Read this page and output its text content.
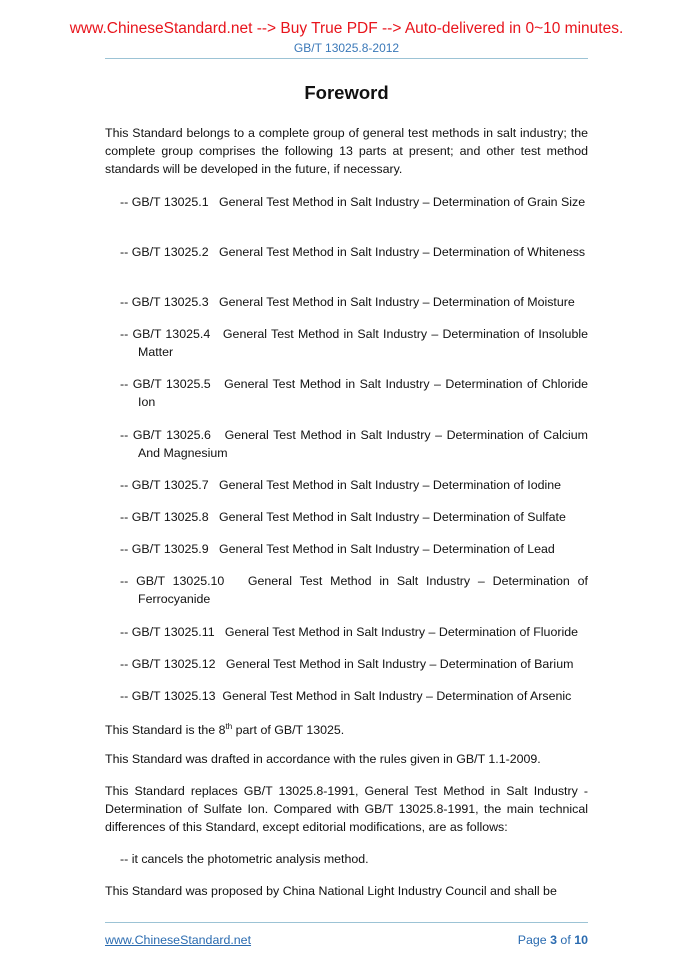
www.ChineseStandard.net --> Buy True PDF --> Auto-delivered in 0~10 minutes.
GB/T 13025.8-2012
Foreword
This Standard belongs to a complete group of general test methods in salt industry; the complete group comprises the following 13 parts at present; and other test method standards will be developed in the future, if necessary.
-- GB/T 13025.1   General Test Method in Salt Industry – Determination of Grain Size
-- GB/T 13025.2   General Test Method in Salt Industry – Determination of Whiteness
-- GB/T 13025.3   General Test Method in Salt Industry – Determination of Moisture
-- GB/T 13025.4   General Test Method in Salt Industry – Determination of Insoluble Matter
-- GB/T 13025.5   General Test Method in Salt Industry – Determination of Chloride Ion
-- GB/T 13025.6   General Test Method in Salt Industry – Determination of Calcium And Magnesium
-- GB/T 13025.7   General Test Method in Salt Industry – Determination of Iodine
-- GB/T 13025.8   General Test Method in Salt Industry – Determination of Sulfate
-- GB/T 13025.9   General Test Method in Salt Industry – Determination of Lead
-- GB/T 13025.10   General Test Method in Salt Industry – Determination of Ferrocyanide
-- GB/T 13025.11   General Test Method in Salt Industry – Determination of Fluoride
-- GB/T 13025.12   General Test Method in Salt Industry – Determination of Barium
-- GB/T 13025.13  General Test Method in Salt Industry – Determination of Arsenic
This Standard is the 8th part of GB/T 13025.
This Standard was drafted in accordance with the rules given in GB/T 1.1-2009.
This Standard replaces GB/T 13025.8-1991, General Test Method in Salt Industry - Determination of Sulfate Ion. Compared with GB/T 13025.8-1991, the main technical differences of this Standard, except editorial modifications, are as follows:
-- it cancels the photometric analysis method.
This Standard was proposed by China National Light Industry Council and shall be
www.ChineseStandard.net	Page 3 of 10
